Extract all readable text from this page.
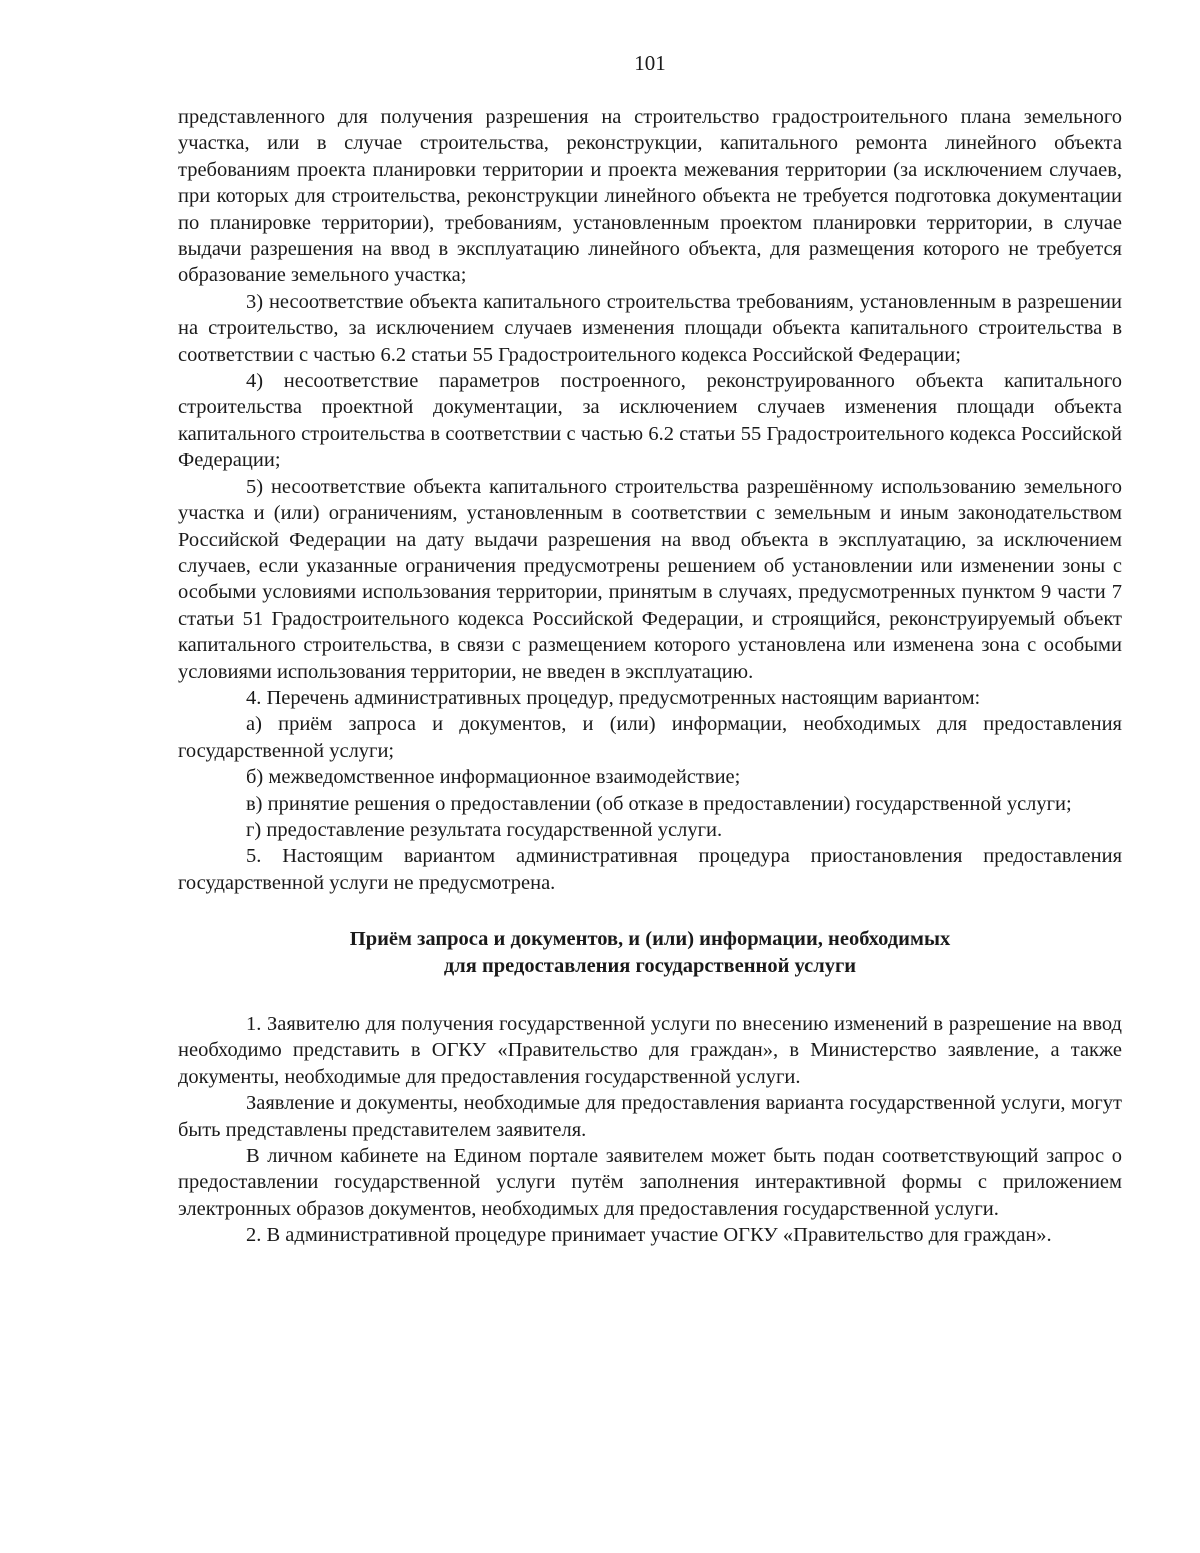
101

представленного для получения разрешения на строительство градостроительного плана земельного участка, или в случае строительства, реконструкции, капитального ремонта линейного объекта требованиям проекта планировки территории и проекта межевания территории (за исключением случаев, при которых для строительства, реконструкции линейного объекта не требуется подготовка документации по планировке территории), требованиям, установленным проектом планировки территории, в случае выдачи разрешения на ввод в эксплуатацию линейного объекта, для размещения которого не требуется образование земельного участка;

3) несоответствие объекта капитального строительства требованиям, установленным в разрешении на строительство, за исключением случаев изменения площади объекта капитального строительства в соответствии с частью 6.2 статьи 55 Градостроительного кодекса Российской Федерации;

4) несоответствие параметров построенного, реконструированного объекта капитального строительства проектной документации, за исключением случаев изменения площади объекта капитального строительства в соответствии с частью 6.2 статьи 55 Градостроительного кодекса Российской Федерации;

5) несоответствие объекта капитального строительства разрешённому использованию земельного участка и (или) ограничениям, установленным в соответствии с земельным и иным законодательством Российской Федерации на дату выдачи разрешения на ввод объекта в эксплуатацию, за исключением случаев, если указанные ограничения предусмотрены решением об установлении или изменении зоны с особыми условиями использования территории, принятым в случаях, предусмотренных пунктом 9 части 7 статьи 51 Градостроительного кодекса Российской Федерации, и строящийся, реконструируемый объект капитального строительства, в связи с размещением которого установлена или изменена зона с особыми условиями использования территории, не введен в эксплуатацию.

4. Перечень административных процедур, предусмотренных настоящим вариантом:

а) приём запроса и документов, и (или) информации, необходимых для предоставления государственной услуги;

б) межведомственное информационное взаимодействие;

в) принятие решения о предоставлении (об отказе в предоставлении) государственной услуги;

г) предоставление результата государственной услуги.

5. Настоящим вариантом административная процедура приостановления предоставления государственной услуги не предусмотрена.

Приём запроса и документов, и (или) информации, необходимых
для предоставления государственной услуги

1. Заявителю для получения государственной услуги по внесению изменений в разрешение на ввод необходимо представить в ОГКУ «Правительство для граждан», в Министерство заявление, а также документы, необходимые для предоставления государственной услуги.

Заявление и документы, необходимые для предоставления варианта государственной услуги, могут быть представлены представителем заявителя.

В личном кабинете на Едином портале заявителем может быть подан соответствующий запрос о предоставлении государственной услуги путём заполнения интерактивной формы с приложением электронных образов документов, необходимых для предоставления государственной услуги.

2. В административной процедуре принимает участие ОГКУ «Правительство для граждан».
